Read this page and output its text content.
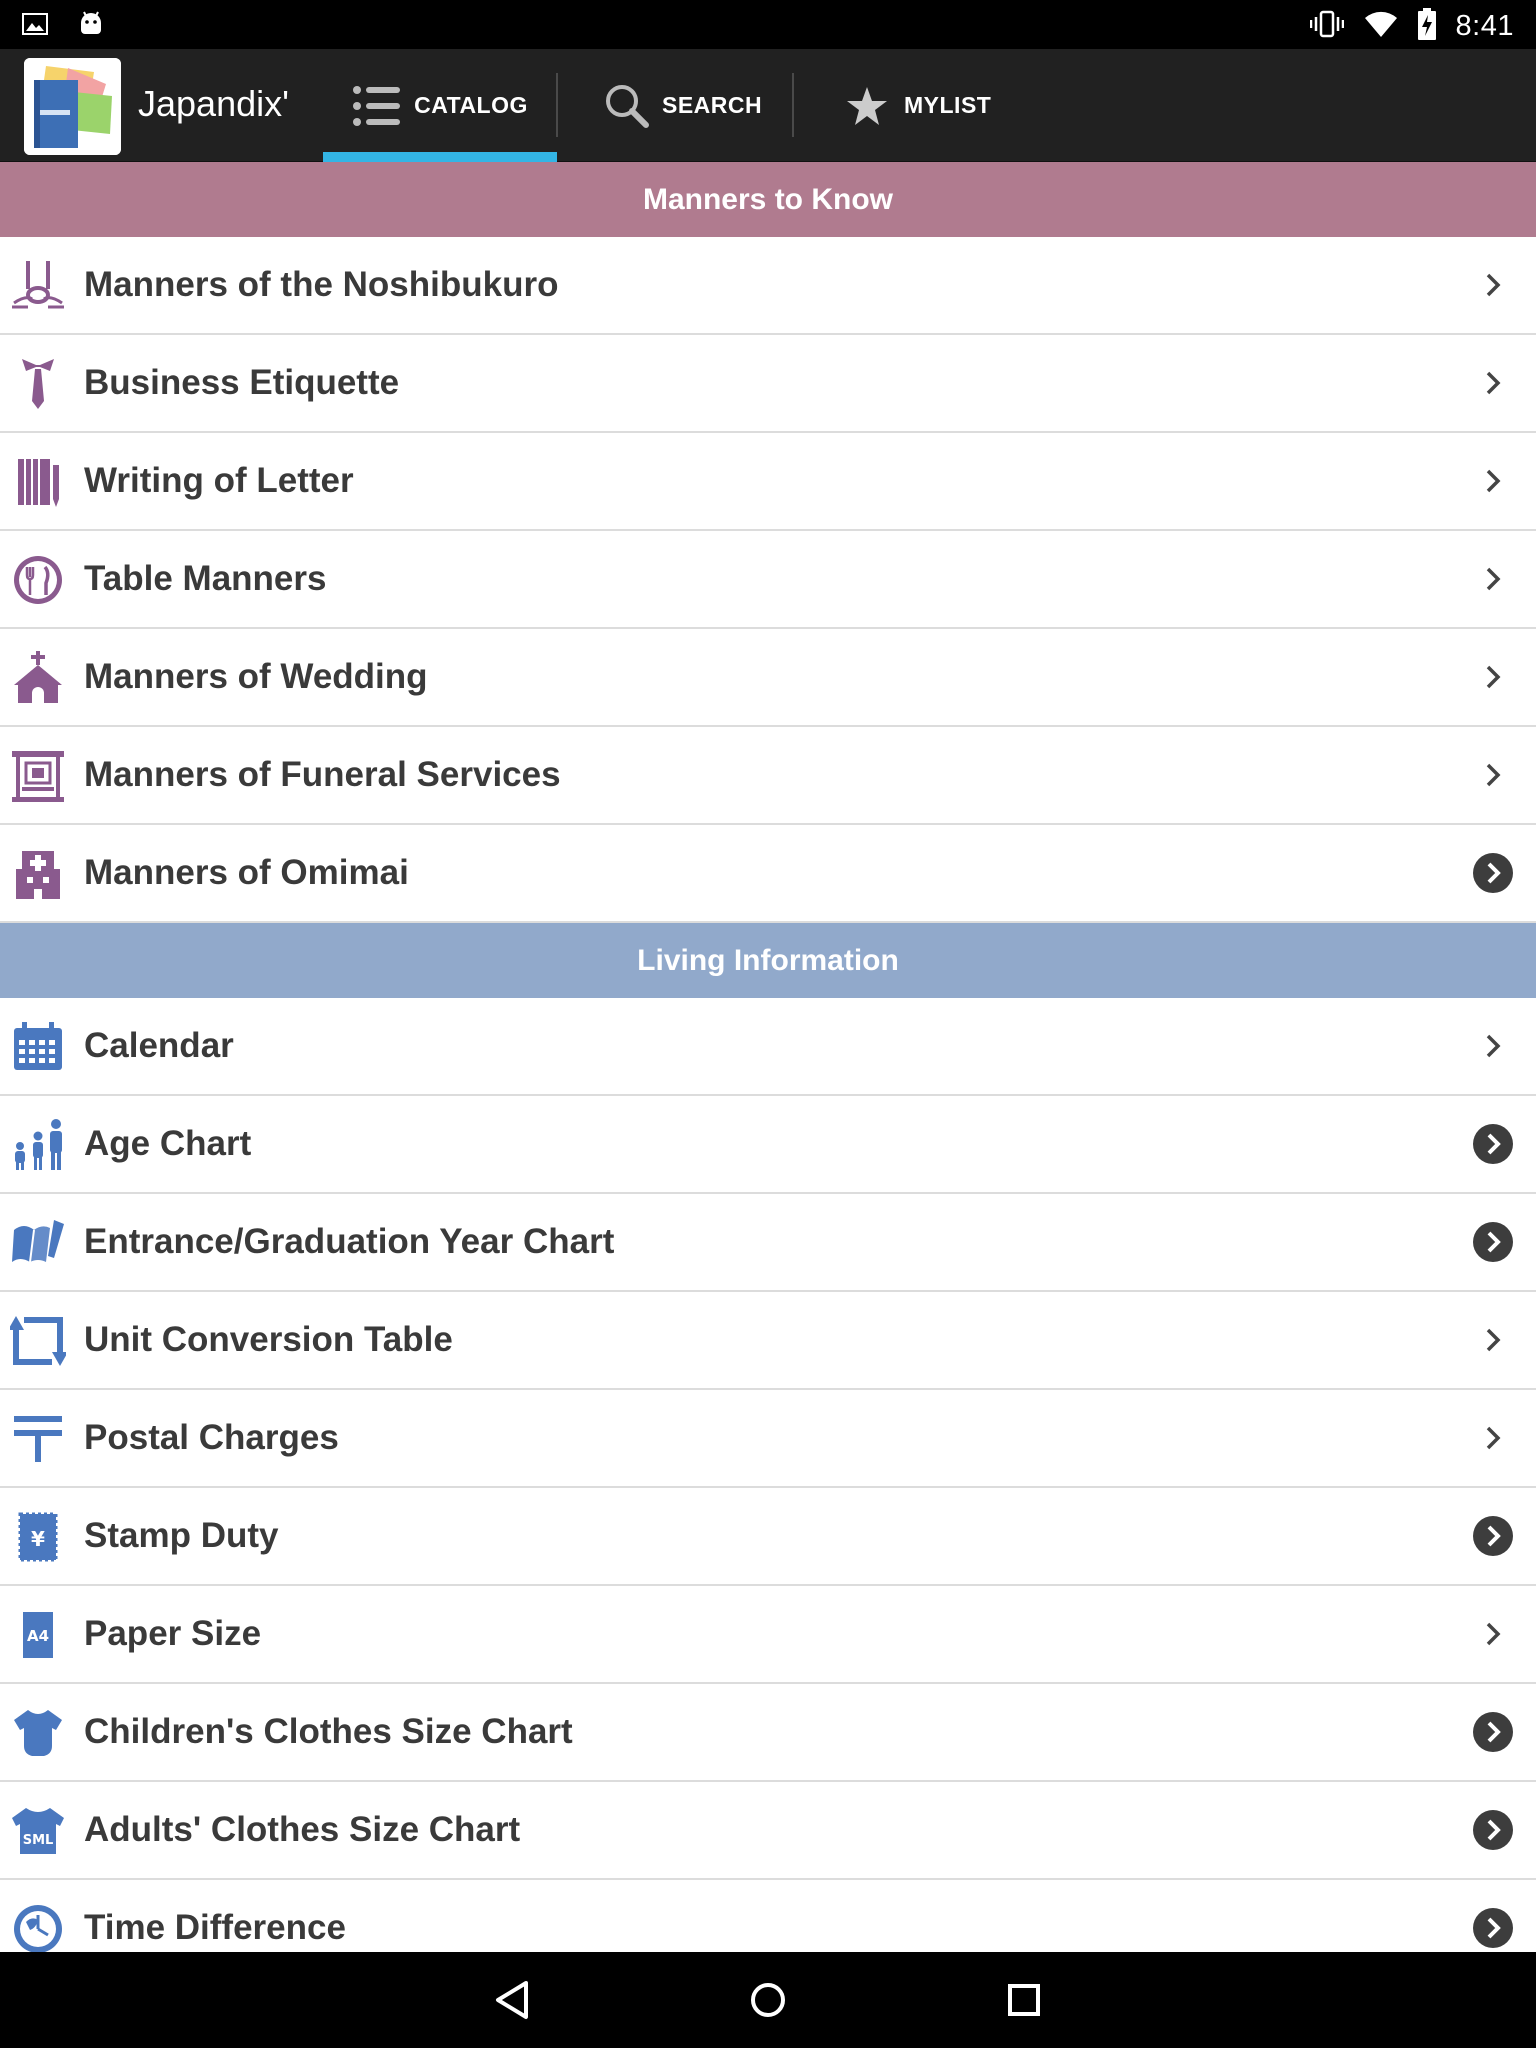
8:41
Japandix'	CATALOG	SEARCH	MYLIST
Manners to Know
Manners of the Noshibukuro
Business Etiquette
Writing of Letter
Table Manners
Manners of Wedding
Manners of Funeral Services
Manners of Omimai
Living Information
Calendar
Age Chart
Entrance/Graduation Year Chart
Unit Conversion Table
Postal Charges
¥ Stamp Duty
A4 Paper Size
Children's Clothes Size Chart
SML Adults' Clothes Size Chart
Time Difference
